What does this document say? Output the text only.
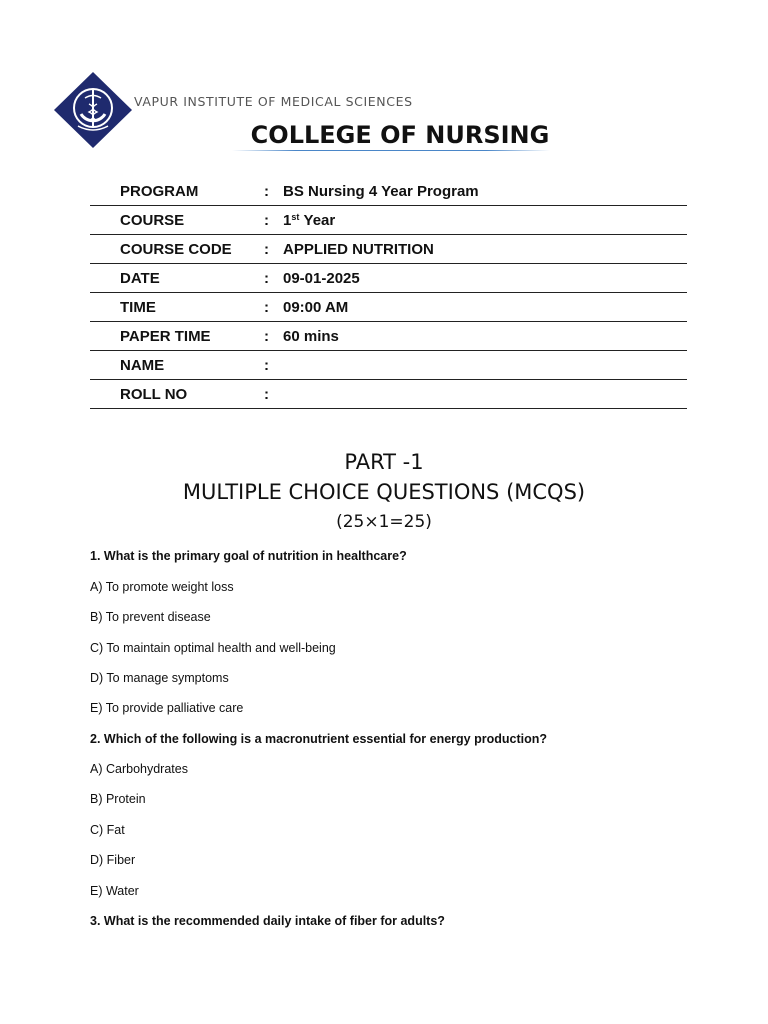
VAPUR INSTITUTE OF MEDICAL SCIENCES
COLLEGE OF NURSING
PROGRAM	: BS Nursing 4 Year Program
COURSE	: 1st Year
COURSE CODE : APPLIED NUTRITION
DATE	: 09-01-2025
TIME	: 09:00 AM
PAPER TIME	: 60 mins
NAME	:
ROLL NO	:
PART -1
MULTIPLE CHOICE QUESTIONS (MCQS)
(25×1=25)
1. What is the primary goal of nutrition in healthcare?
A) To promote weight loss
B) To prevent disease
C) To maintain optimal health and well-being
D) To manage symptoms
E) To provide palliative care
2. Which of the following is a macronutrient essential for energy production?
A) Carbohydrates
B) Protein
C) Fat
D) Fiber
E) Water
3. What is the recommended daily intake of fiber for adults?
